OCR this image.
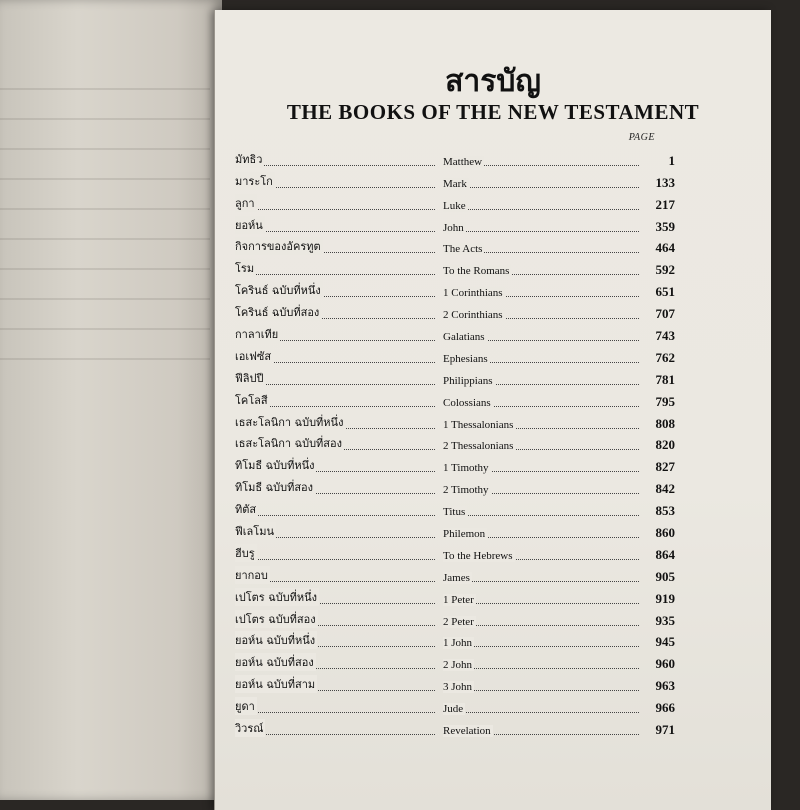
สารบัญ
THE BOOKS OF THE NEW TESTAMENT
PAGE
มัทธิว	Matthew	1
มาระโก	Mark	133
ลูกา	Luke	217
ยอห์น	John	359
กิจการของอัครทูต	The Acts	464
โรม	To the Romans	592
โครินธ์ ฉบับที่หนึ่ง	1 Corinthians	651
โครินธ์ ฉบับที่สอง	2 Corinthians	707
กาลาเทีย	Galatians	743
เอเฟซัส	Ephesians	762
ฟีลิปปี	Philippians	781
โคโลสี	Colossians	795
เธสะโลนิกา ฉบับที่หนึ่ง	1 Thessalonians	808
เธสะโลนิกา ฉบับที่สอง	2 Thessalonians	820
ทิโมธี ฉบับที่หนึ่ง	1 Timothy	827
ทิโมธี ฉบับที่สอง	2 Timothy	842
ทิตัส	Titus	853
ฟีเลโมน	Philemon	860
ฮีบรู	To the Hebrews	864
ยากอบ	James	905
เปโตร ฉบับที่หนึ่ง	1 Peter	919
เปโตร ฉบับที่สอง	2 Peter	935
ยอห์น ฉบับที่หนึ่ง	1 John	945
ยอห์น ฉบับที่สอง	2 John	960
ยอห์น ฉบับที่สาม	3 John	963
ยูดา	Jude	966
วิวรณ์	Revelation	971
